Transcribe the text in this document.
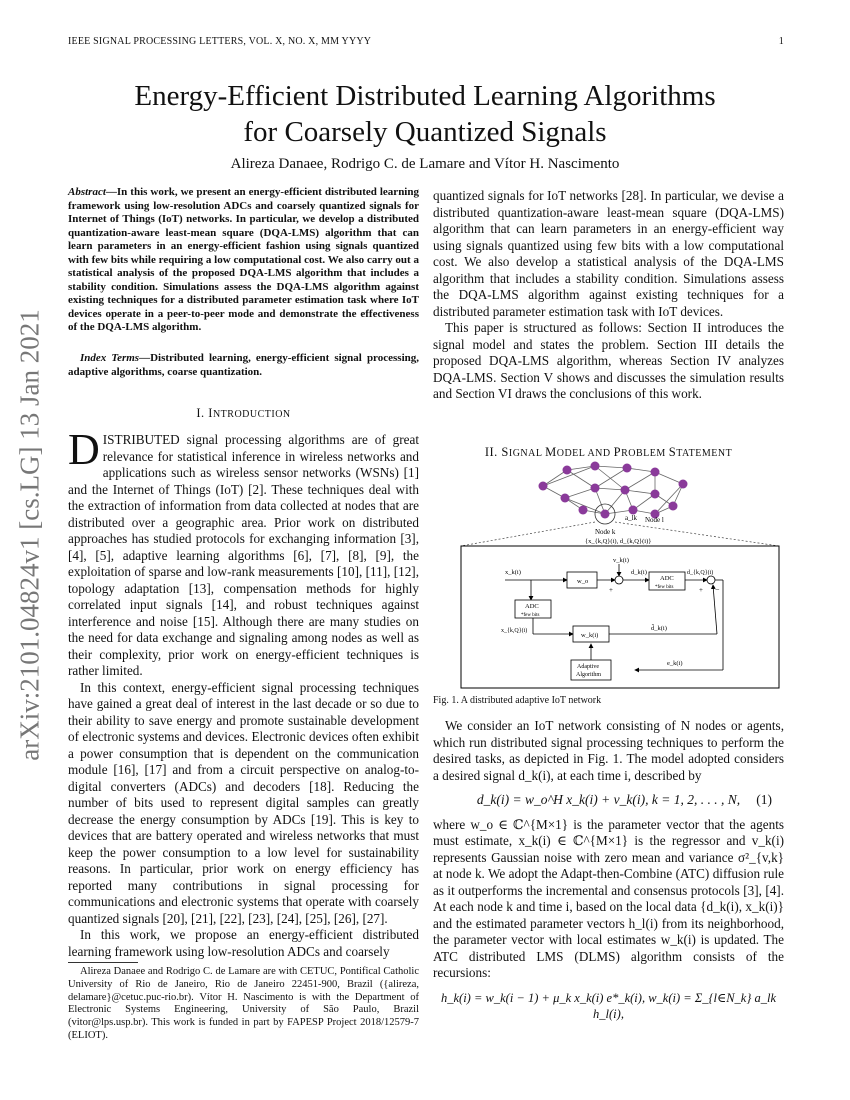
IEEE SIGNAL PROCESSING LETTERS, VOL. X, NO. X, MM YYYY	1
Energy-Efficient Distributed Learning Algorithms
for Coarsely Quantized Signals
Alireza Danaee, Rodrigo C. de Lamare and Vítor H. Nascimento
arXiv:2101.04824v1 [cs.LG] 13 Jan 2021

Abstract—In this work, we present an energy-efficient distributed learning framework using low-resolution ADCs and coarsely quantized signals for Internet of Things (IoT) networks. In particular, we develop a distributed quantization-aware least-mean square (DQA-LMS) algorithm that can learn parameters in an energy-efficient fashion using signals quantized with few bits while requiring a low computational cost. We also carry out a statistical analysis of the proposed DQA-LMS algorithm that includes a stability condition. Simulations assess the DQA-LMS algorithm against existing techniques for a distributed parameter estimation task where IoT devices operate in a peer-to-peer mode and demonstrate the effectiveness of the DQA-LMS algorithm.

Index Terms—Distributed learning, energy-efficient signal processing, adaptive algorithms, coarse quantization.

I. INTRODUCTION

DISTRIBUTED signal processing algorithms are of great relevance for statistical inference in wireless networks and applications such as wireless sensor networks (WSNs) [1] and the Internet of Things (IoT) [2]. These techniques deal with the extraction of information from data collected at nodes that are distributed over a geographic area. Prior work on distributed approaches has studied protocols for exchanging information [3], [4], [5], adaptive learning algorithms [6], [7], [8], [9], the exploitation of sparse and low-rank measurements [10], [11], [12], topology adaptation [13], compensation methods for highly correlated input signals [14], and robust techniques against interference and noise [15]. Although there are many studies on the need for data exchange and signaling among nodes as well as their complexity, prior work on energy-efficient techniques is rather limited.

In this context, energy-efficient signal processing techniques have gained a great deal of interest in the last decade or so due to their ability to save energy and promote sustainable development of electronic systems and devices. Electronic devices often exhibit a power consumption that is dependent on the communication module [16], [17] and from a circuit perspective on analog-to-digital converters (ADCs) and decoders [18]. Reducing the number of bits used to represent digital samples can greatly decrease the energy consumption by ADCs [19]. This is key to devices that are battery operated and wireless networks that must keep the power consumption to a low level for sustainability reasons. In particular, prior work on energy efficiency has reported many contributions in signal processing for communications and electronic systems that operate with coarsely quantized signals [20], [21], [22], [23], [24], [25], [26], [27].

In this work, we propose an energy-efficient distributed learning framework using low-resolution ADCs and coarsely

Alireza Danaee and Rodrigo C. de Lamare are with CETUC, Pontifical Catholic University of Rio de Janeiro, Rio de Janeiro 22451-900, Brazil ({alireza, delamare}@cetuc.puc-rio.br). Vítor H. Nascimento is with the Department of Electronic Systems Engineering, University of São Paulo, Brazil (vitor@lps.usp.br). This work is funded in part by FAPESP Project 2018/12579-7 (ELIOT).

quantized signals for IoT networks [28]. In particular, we devise a distributed quantization-aware least-mean square (DQA-LMS) algorithm that can learn parameters in an energy-efficient way using signals quantized using few bits with a low computational cost. We also develop a statistical analysis of the DQA-LMS algorithm that includes a stability condition. Simulations assess the DQA-LMS algorithm against existing techniques for a distributed parameter estimation task with IoT devices.

This paper is structured as follows: Section II introduces the signal model and states the problem. Section III details the proposed DQA-LMS algorithm, whereas Section IV analyzes DQA-LMS. Section V shows and discusses the simulation results and Section VI draws the conclusions of this work.

II. SIGNAL MODEL AND PROBLEM STATEMENT
a_lk Node l
Node k
{x_{k,Q}(i), d_{k,Q}(i)}
x_k(i)
w_o
v_k(i)
+
d_k(i)
ADC
*few bits
d_{k,Q}(i)
+ −
e_k(i)
ADC
*few bits
x_{k,Q}(i)
w_k(i)
d̂_k(i)
Adaptive
Algorithm
Fig. 1. A distributed adaptive IoT network

We consider an IoT network consisting of N nodes or agents, which run distributed signal processing techniques to perform the desired tasks, as depicted in Fig. 1. The model adopted considers a desired signal d_k(i), at each time i, described by

d_k(i) = w_o^H x_k(i) + v_k(i), k = 1, 2, . . . , N, (1)

where w_o ∈ ℂ^{M×1} is the parameter vector that the agents must estimate, x_k(i) ∈ ℂ^{M×1} is the regressor and v_k(i) represents Gaussian noise with zero mean and variance σ²_{v,k} at node k. We adopt the Adapt-then-Combine (ATC) diffusion rule as it outperforms the incremental and consensus protocols [3], [4]. At each node k and time i, based on the local data {d_k(i), x_k(i)} and the estimated parameter vectors h_l(i) from its neighborhood, the parameter vector with local estimates w_k(i) is updated. The ATC distributed LMS (DLMS) algorithm consists of the recursions:

h_k(i) = w_k(i − 1) + μ_k x_k(i) e*_k(i), w_k(i) = Σ_{l∈N_k} a_lk h_l(i),
